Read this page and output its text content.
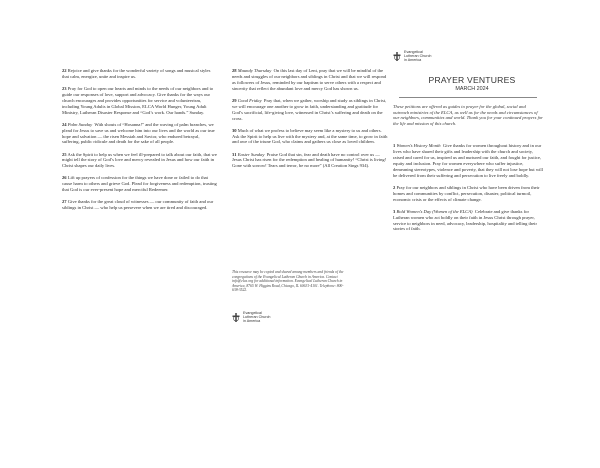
22 Rejoice and give thanks for the wonderful variety of songs and musical styles that calm, energize, unite and inspire us.

23 Pray for God to open our hearts and minds to the needs of our neighbors and to guide our responses of love, support and advocacy. Give thanks for the ways our church encourages and provides opportunities for service and volunteerism, including Young Adults in Global Mission, ELCA World Hunger, Young Adult Ministry, Lutheran Disaster Response and “God’s work. Our hands.” Sunday.

24 Palm Sunday With shouts of “Hosanna!” and the waving of palm branches, we plead for Jesus to save us and welcome him into our lives and the world as our true hope and salvation — the risen Messiah and Savior, who endured betrayal, suffering, public ridicule and death for the sake of all people.

25 Ask the Spirit to help us when we feel ill-prepared to talk about our faith, that we might tell the story of God’s love and mercy revealed in Jesus and how our faith in Christ shapes our daily lives.

26 Lift up prayers of confession for the things we have done or failed to do that cause harm to others and grieve God. Plead for forgiveness and redemption, trusting that God is our ever-present hope and merciful Redeemer.

27 Give thanks for the great cloud of witnesses — our community of faith and our siblings in Christ — who help us persevere when we are tired and discouraged.

28 Maundy Thursday On this last day of Lent, pray that we will be mindful of the needs and struggles of our neighbors and siblings in Christ and that we will respond as followers of Jesus, reminded by our baptism to serve others with a respect and sincerity that reflect the abundant love and mercy God has shown us.

29 Good Friday Pray that, when we gather, worship and study as siblings in Christ, we will encourage one another to grow in faith, understanding and gratitude for God’s sacrificial, life-giving love, witnessed in Christ’s suffering and death on the cross.

30 Much of what we profess to believe may seem like a mystery to us and others. Ask the Spirit to help us live with the mystery and, at the same time, to grow in faith and awe of the triune God, who claims and gathers us close as loved children.

31 Easter Sunday Praise God that sin, fear and death have no control over us — Jesus Christ has risen for the redemption and healing of humanity! “Christ is living! Gone with sorrow! Tears and terror, be no more” (All Creation Sings 934).

This resource may be copied and shared among members and friends of the congregations of the Evangelical Lutheran Church in America. Contact info@elca.org for additional information. Evangelical Lutheran Church in America, 8765 W. Higgins Road, Chicago, IL 60631-4101. Telephone: 800-638-3522.
Evangelical
Lutheran Church
in America
Evangelical
Lutheran Church
in America
PRAYER VENTURES
MARCH 2024

These petitions are offered as guides to prayer for the global, social and outreach ministries of the ELCA, as well as for the needs and circumstances of our neighbors, communities and world. Thank you for your continued prayers for the life and mission of this church.

1 Women’s History Month Give thanks for women throughout history and in our lives who have shared their gifts and leadership with the church and society, raised and cared for us, inspired us and nurtured our faith, and fought for justice, equity and inclusion. Pray for women everywhere who suffer injustice, demeaning stereotypes, violence and poverty, that they will not lose hope but will be delivered from their suffering and persecution to live freely and boldly.

2 Pray for our neighbors and siblings in Christ who have been driven from their homes and communities by conflict, persecution, disaster, political turmoil, economic crisis or the effects of climate change.

3 Bold Women’s Day (Women of the ELCA) Celebrate and give thanks for Lutheran women who act boldly on their faith in Jesus Christ through prayer, service to neighbors in need, advocacy, leadership, hospitality and telling their stories of faith.
